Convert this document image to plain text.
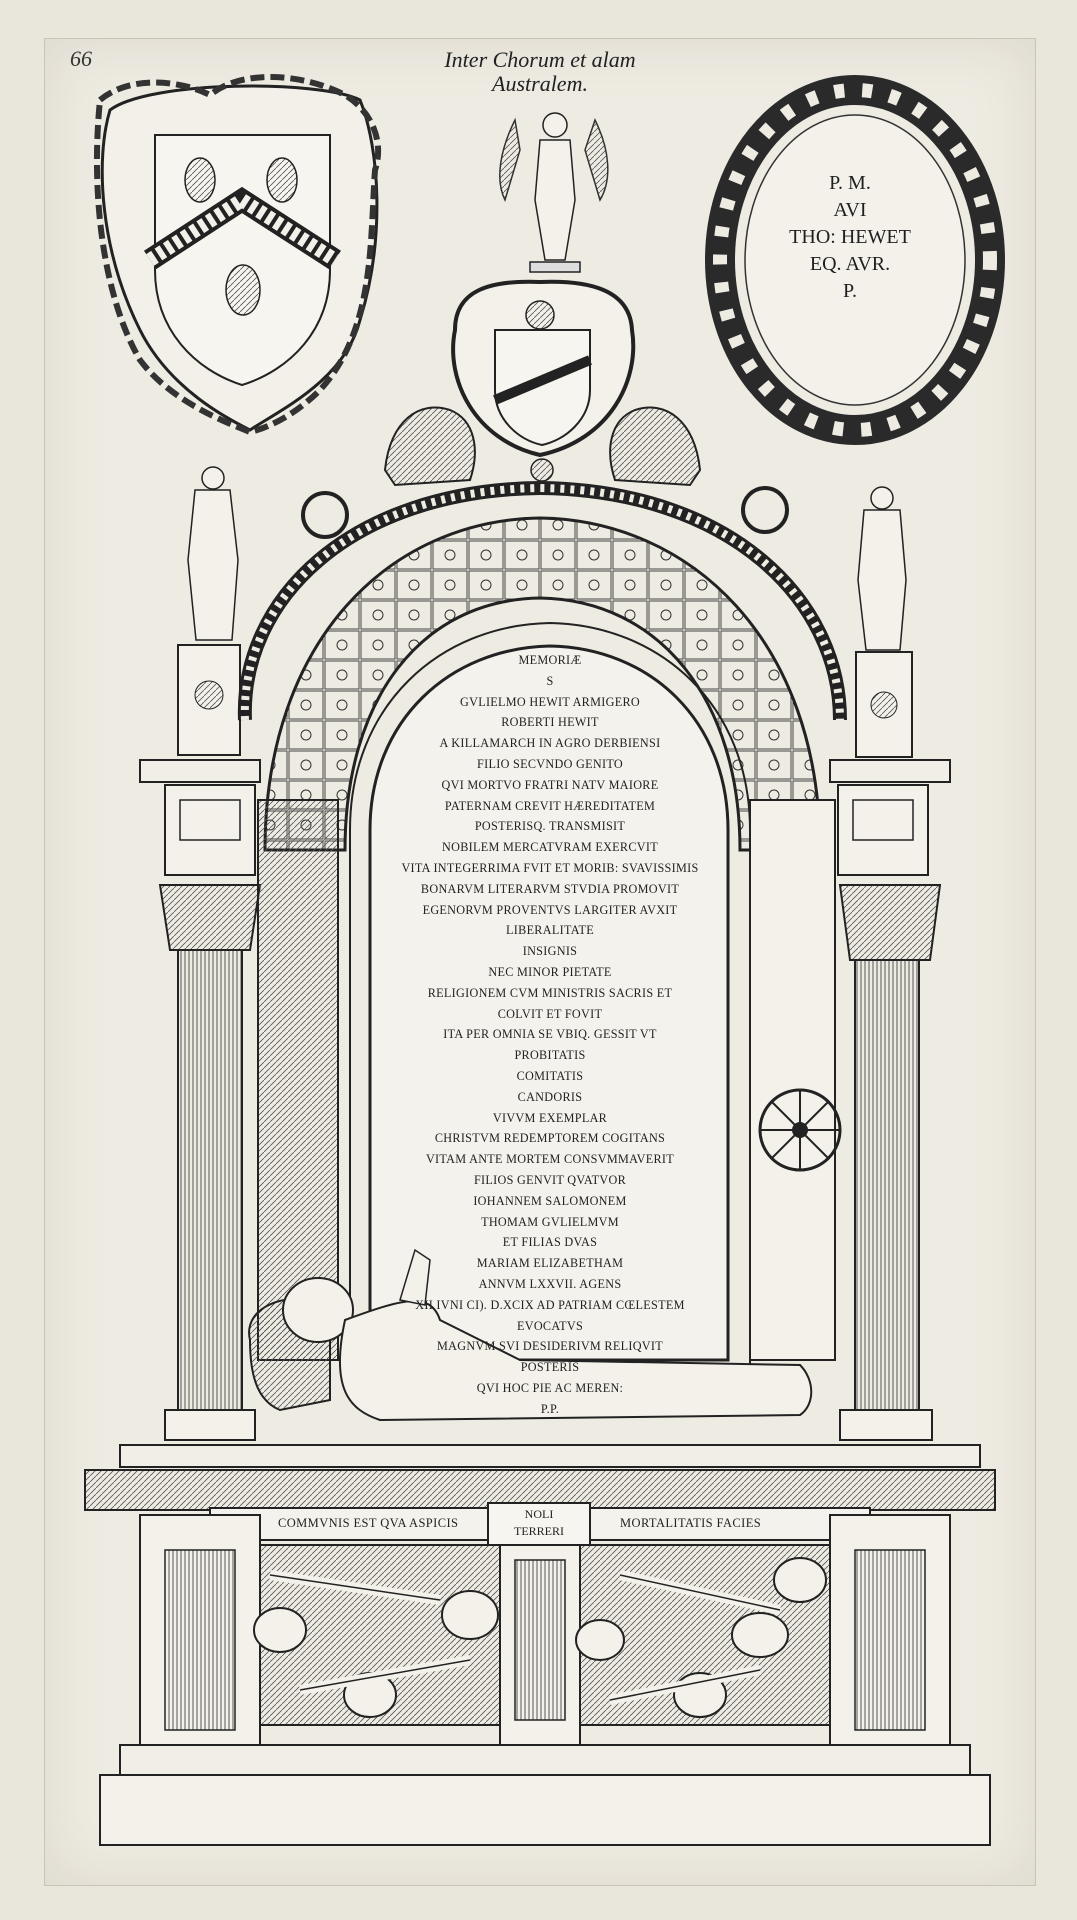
66	Inter Chorum et alam
Australem.
P. M.
AVI
THO: HEWET
EQ. AVR.
P.
MEMORIÆ
S
GVLIELMO HEWIT ARMIGERO
ROBERTI HEWIT
A KILLAMARCH IN AGRO DERBIENSI
FILIO SECVNDO GENITO
QVI MORTVO FRATRI NATV MAIORE
PATERNAM CREVIT HÆREDITATEM
POSTERISQ. TRANSMISIT
NOBILEM MERCATVRAM EXERCVIT
VITA INTEGERRIMA FVIT ET MORIB: SVAVISSIMIS
BONARVM LITERARVM STVDIA PROMOVIT
EGENORVM PROVENTVS LARGITER AVXIT
LIBERALITATE
INSIGNIS
NEC MINOR PIETATE
RELIGIONEM CVM MINISTRIS SACRIS ET
COLVIT ET FOVIT
ITA PER OMNIA SE VBIQ. GESSIT VT
PROBITATIS
COMITATIS
CANDORIS
VIVVM EXEMPLAR
CHRISTVM REDEMPTOREM COGITANS
VITAM ANTE MORTEM CONSVMMAVERIT
FILIOS GENVIT QVATVOR
IOHANNEM SALOMONEM
THOMAM GVLIELMVM
ET FILIAS DVAS
MARIAM ELIZABETHAM
ANNVM LXXVII. AGENS
XII IVNI CI). D.XCIX AD PATRIAM CŒLESTEM
EVOCATVS
MAGNVM SVI DESIDERIVM RELIQVIT
POSTERIS
QVI HOC PIE AC MEREN:
P.P.
COMMVNIS EST QVA ASPICIS
NOLI
TERRERI
MORTALITATIS FACIES
